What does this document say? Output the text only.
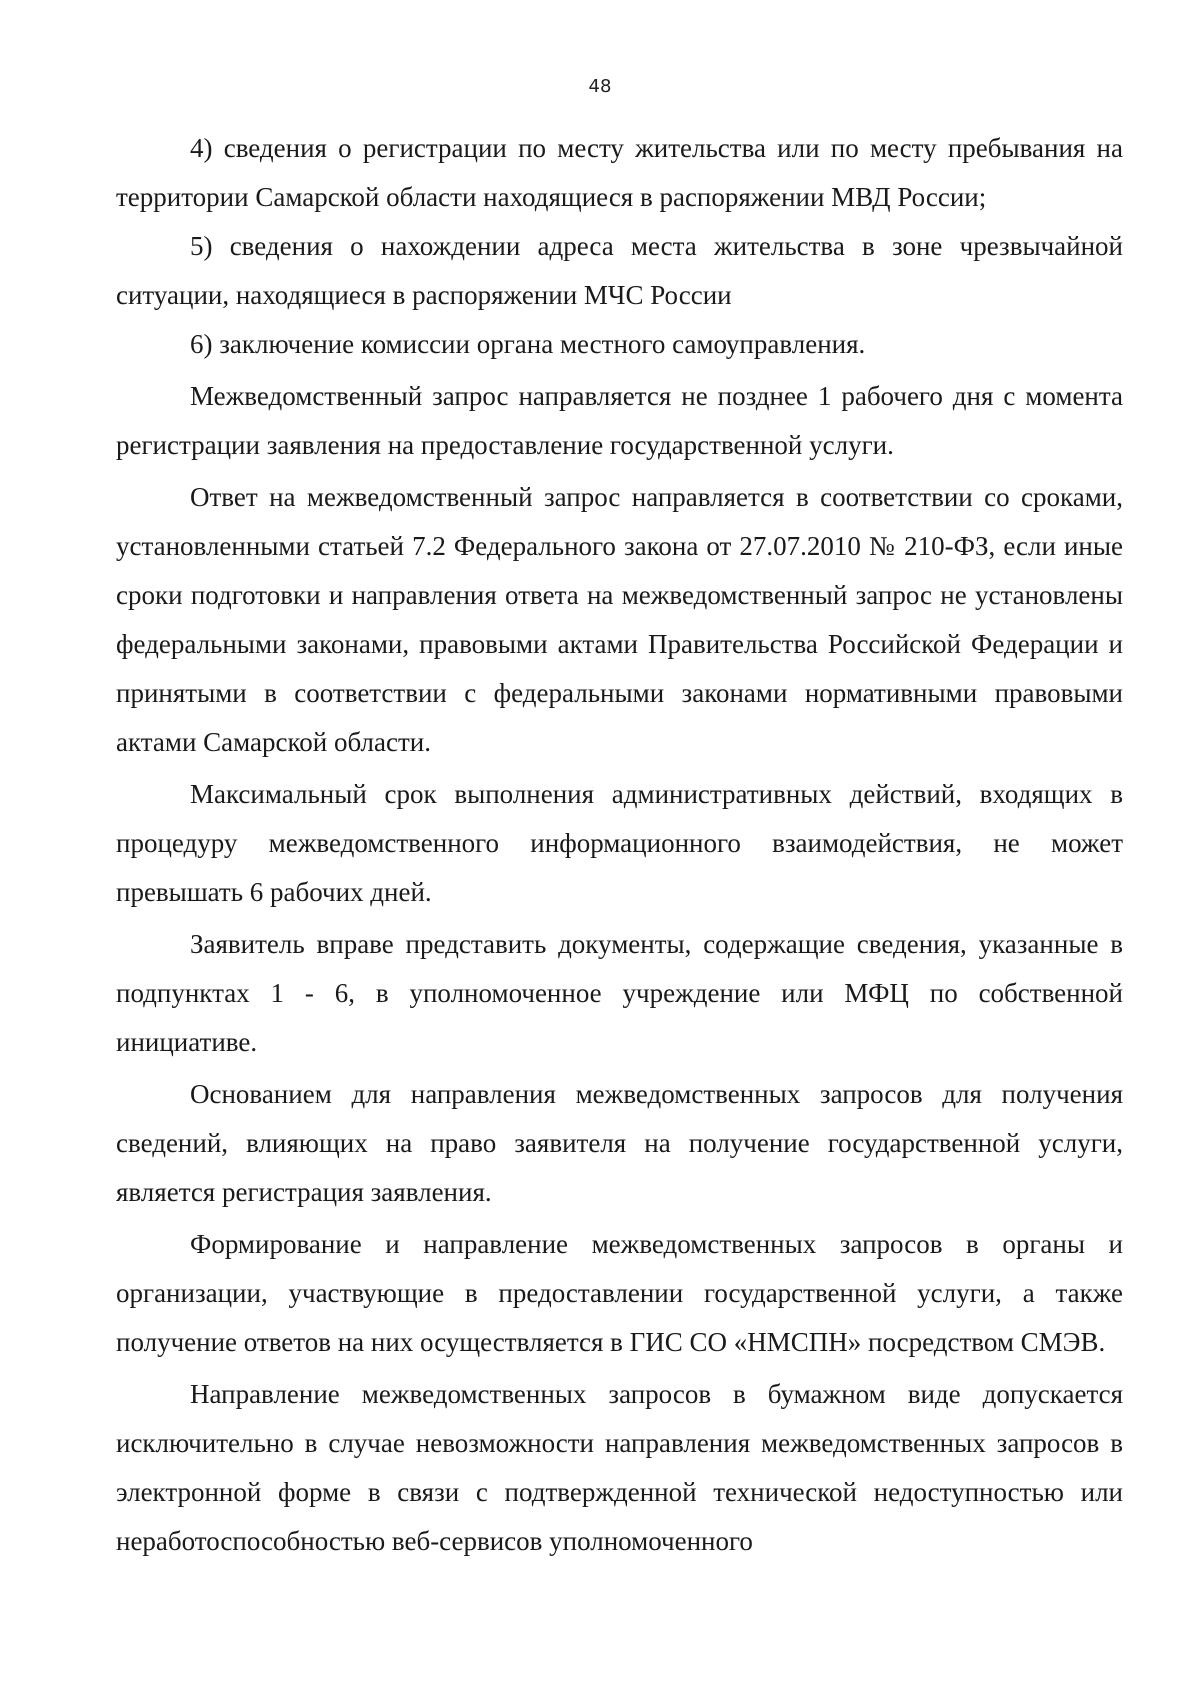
48

4) сведения о регистрации по месту жительства или по месту пребывания на территории Самарской области находящиеся в распоряжении МВД России;

5) сведения о нахождении адреса места жительства в зоне чрезвычайной ситуации, находящиеся в распоряжении МЧС России

6) заключение комиссии органа местного самоуправления.

Межведомственный запрос направляется не позднее 1 рабочего дня с момента регистрации заявления на предоставление государственной услуги.

Ответ на межведомственный запрос направляется в соответствии со сроками, установленными статьей 7.2 Федерального закона от 27.07.2010 № 210-ФЗ, если иные сроки подготовки и направления ответа на межведомственный запрос не установлены федеральными законами, правовыми актами Правительства Российской Федерации и принятыми в соответствии с федеральными законами нормативными правовыми актами Самарской области.

Максимальный срок выполнения административных действий, входящих в процедуру межведомственного информационного взаимодействия, не может превышать 6 рабочих дней.

Заявитель вправе представить документы, содержащие сведения, указанные в подпунктах 1 - 6, в уполномоченное учреждение или МФЦ по собственной инициативе.

Основанием для направления межведомственных запросов для получения сведений, влияющих на право заявителя на получение государственной услуги, является регистрация заявления.

Формирование и направление межведомственных запросов в органы и организации, участвующие в предоставлении государственной услуги, а также получение ответов на них осуществляется в ГИС СО «НМСПН» посредством СМЭВ.

Направление межведомственных запросов в бумажном виде допускается исключительно в случае невозможности направления межведомственных запросов в электронной форме в связи с подтвержденной технической недоступностью или неработоспособностью веб-сервисов уполномоченного
